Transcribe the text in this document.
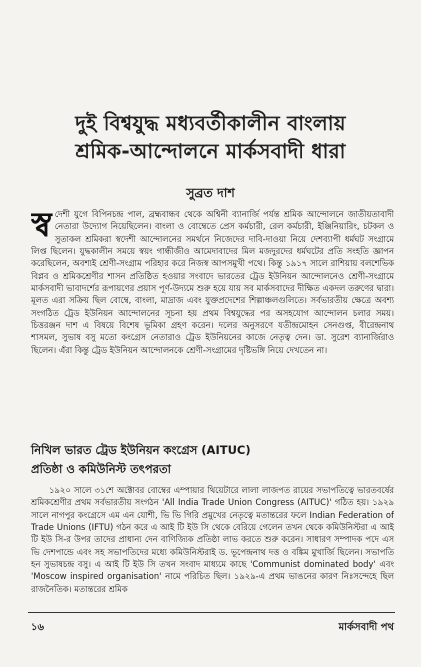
দুই বিশ্বযুদ্ধ মধ্যবর্তীকালীন বাংলায়
শ্রমিক-আন্দোলনে মার্কসবাদী ধারা
সুব্রত দাশ
স্ব দেশী যুগে বিপিনচন্দ্র পাল, ব্রহ্মবান্ধব থেকে অশ্বিনী ব্যানার্জি পর্যন্ত শ্রমিক আন্দোলনে জাতীয়তাবাদী নেতারা উদ্যোগ নিয়েছিলেন। বাংলা ও বোম্বেতে প্রেস কর্মচারী, রেল কর্মচারী, ইঞ্জিনিয়ারিং, চটকল ও সুতাকল শ্রমিকরা স্বদেশী আন্দোলনের সমর্থনে নিজেদের দাবি-দাওয়া নিয়ে দেশব্যাপী ধর্মঘট সংগ্রামে লিপ্ত ছিলেন। যুদ্ধকালীন সময়ে স্বয়ং গান্ধীজীও আমেদাবাদের মিল মজদুরদের ধর্মঘটের প্রতি সংহতি জ্ঞাপন করেছিলেন, অবশ্যই শ্রেণী-সংগ্রাম পরিহার করে নিজস্ব আপসমুখী পথে। কিন্তু ১৯১৭ সালে রাশিয়ায় বলশেভিক বিপ্লব ও শ্রমিকশ্রেণীর শাসন প্রতিষ্ঠিত হওয়ার সংবাদে ভারতের ট্রেড ইউনিয়ন আন্দোলনেও শ্রেণী-সংগ্রামে মার্কসবাদী ভাবাদর্শের রূপায়ণের প্রয়াস পূর্ণ-উদ্যমে শুরু হয়ে যায় সব মার্কসবাদের দীক্ষিত একদল তরুণের দ্বারা। মূলত এরা সক্রিয় ছিল বোম্বে, বাংলা, মাদ্রাজ এবং যুক্তপ্রদেশের শিল্পাঞ্চলগুলিতে। সর্বভারতীয় ক্ষেত্রে অবশ্য সংগঠিত ট্রেড ইউনিয়ন আন্দোলনের সূচনা হয় প্রথম বিশ্বযুদ্ধের পর অসহযোগ আন্দোলন চলার সময়। চিত্তরঞ্জন দাশ এ বিষয়ে বিশেষ ভূমিকা গ্রহণ করেন। দলের অনুসরণে যতীন্দ্রমোহন সেনগুপ্ত, বীরেন্দ্রনাথ শাসমল, সুভাষ বসু মতো কংগ্রেস নেতারাও ট্রেড ইউনিয়নের কাজে নেতৃত্ব দেন। ডা. সুরেশ ব্যানার্জিরাও ছিলেন। এঁরা কিন্তু ট্রেড ইউনিয়ন আন্দোলনকে শ্রেণী-সংগ্রামের দৃষ্টিভঙ্গি নিয়ে দেখতেন না।
নিখিল ভারত ট্রেড ইউনিয়ন কংগ্রেস (AITUC)
প্রতিষ্ঠা ও কমিউনিস্ট তৎপরতা
১৯২০ সালে ৩১শে অক্টোবর বোম্বের এম্পায়ার থিয়েটারে লালা লাজপত রায়ের সভাপতিত্বে ভারতবর্ষের শ্রমিকশ্রেণীর প্রথম সর্বভারতীয় সংগঠন 'All India Trade Union Congress (AITUC)' গঠিত হয়। ১৯২৯ সালে নাগপুর কংগ্রেসে এম এন যোশী, ভি ভি গিরি প্রমুখের নেতৃত্বে মতান্তরের ফলে Indian Federation of Trade Unions (IFTU) গঠন করে এ আই টি ইউ সি থেকে বেরিয়ে গেলেন তখন থেকে কমিউনিস্টরা এ আই টি ইউ সি-র উপর তাদের প্রাধান্য দেন বাণিজ্যিক প্রতিষ্ঠা লাভ করতে শুরু করেন। সাধারণ সম্পাদক পদে এস ভি দেশপান্ডে এবং সহ সভাপতিদের মধ্যে কমিউনিস্টরাই ড. ভূপেন্দ্রনাথ দত্ত ও বঙ্কিম মুখার্জি ছিলেন। সভাপতি হন সুভাষচন্দ্র বসু। এ আই টি ইউ সি তখন সংবাদ মাধ্যমে কাছে 'Communist dominated body' এবং 'Moscow inspired organisation' নামে পরিচিত ছিল। ১৯২৯-এ প্রথম ভাঙনের কারণ নিঃসন্দেহে ছিল রাজনৈতিক। মতান্তরের শ্রমিক
১৬	মার্কসবাদী পথ
